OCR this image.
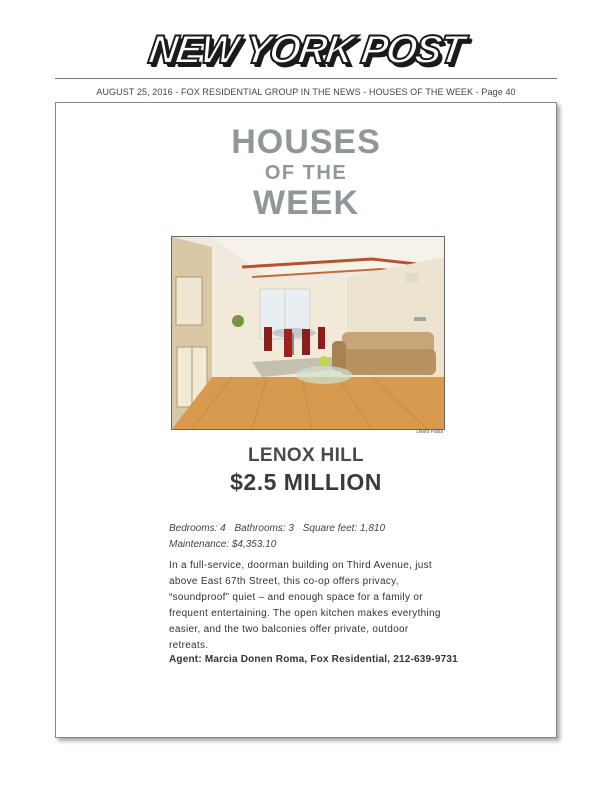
NEW YORK POST
AUGUST 25, 2016 - FOX RESIDENTIAL GROUP IN THE NEWS - HOUSES OF THE WEEK - Page 40
HOUSES
OF THE
WEEK
David Palsa
LENOX HILL
$2.5 MILLION
Bedrooms: 4 Bathrooms: 3 Square feet: 1,810
Maintenance: $4,353.10
In a full-service, doorman building on Third Avenue, just above East 67th Street, this co-op offers privacy, “soundproof” quiet – and enough space for a family or frequent entertaining. The open kitchen makes everything easier, and the two balconies offer private, outdoor retreats.
Agent: Marcia Donen Roma, Fox Residential, 212-639-9731
